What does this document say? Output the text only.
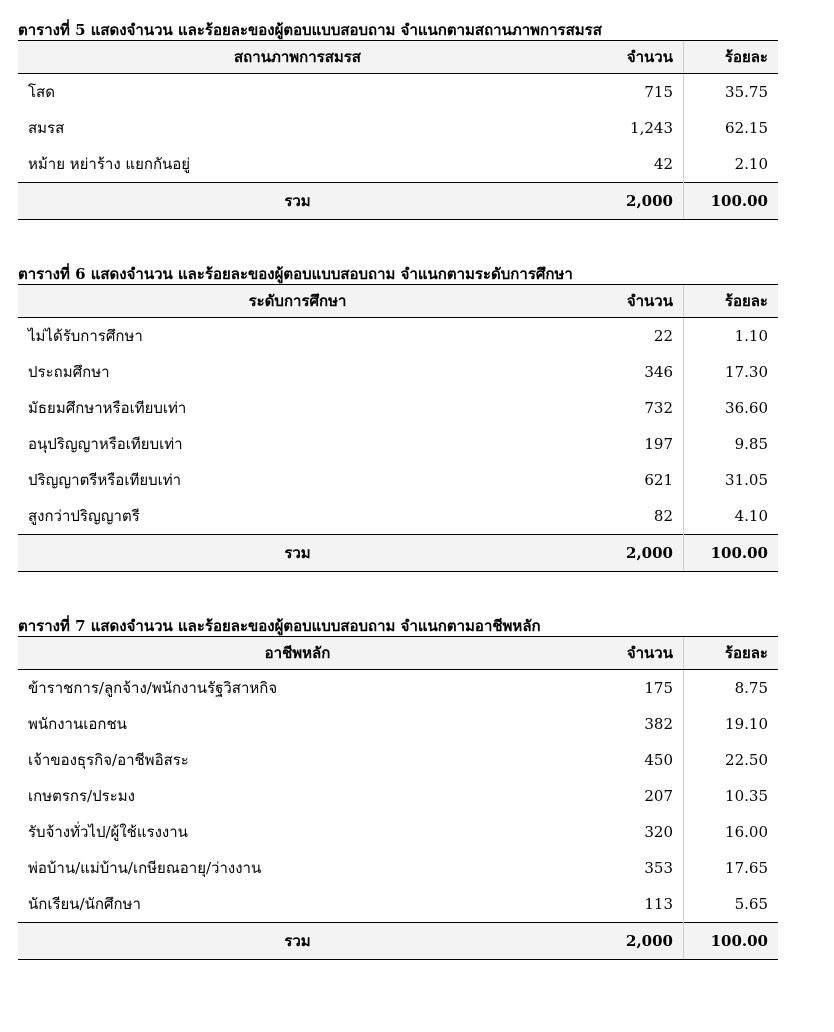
ตารางที่ 5 แสดงจำนวน และร้อยละของผู้ตอบแบบสอบถาม จำแนกตามสถานภาพการสมรส
สถานภาพการสมรส	จำนวน	ร้อยละ
โสด	715	35.75
สมรส	1,243	62.15
หม้าย หย่าร้าง แยกกันอยู่	42	2.10
รวม	2,000	100.00
ตารางที่ 6 แสดงจำนวน และร้อยละของผู้ตอบแบบสอบถาม จำแนกตามระดับการศึกษา
ระดับการศึกษา	จำนวน	ร้อยละ
ไม่ได้รับการศึกษา	22	1.10
ประถมศึกษา	346	17.30
มัธยมศึกษาหรือเทียบเท่า	732	36.60
อนุปริญญาหรือเทียบเท่า	197	9.85
ปริญญาตรีหรือเทียบเท่า	621	31.05
สูงกว่าปริญญาตรี	82	4.10
รวม	2,000	100.00
ตารางที่ 7 แสดงจำนวน และร้อยละของผู้ตอบแบบสอบถาม จำแนกตามอาชีพหลัก
อาชีพหลัก	จำนวน	ร้อยละ
ข้าราชการ/ลูกจ้าง/พนักงานรัฐวิสาหกิจ	175	8.75
พนักงานเอกชน	382	19.10
เจ้าของธุรกิจ/อาชีพอิสระ	450	22.50
เกษตรกร/ประมง	207	10.35
รับจ้างทั่วไป/ผู้ใช้แรงงาน	320	16.00
พ่อบ้าน/แม่บ้าน/เกษียณอายุ/ว่างงาน	353	17.65
นักเรียน/นักศึกษา	113	5.65
รวม	2,000	100.00
